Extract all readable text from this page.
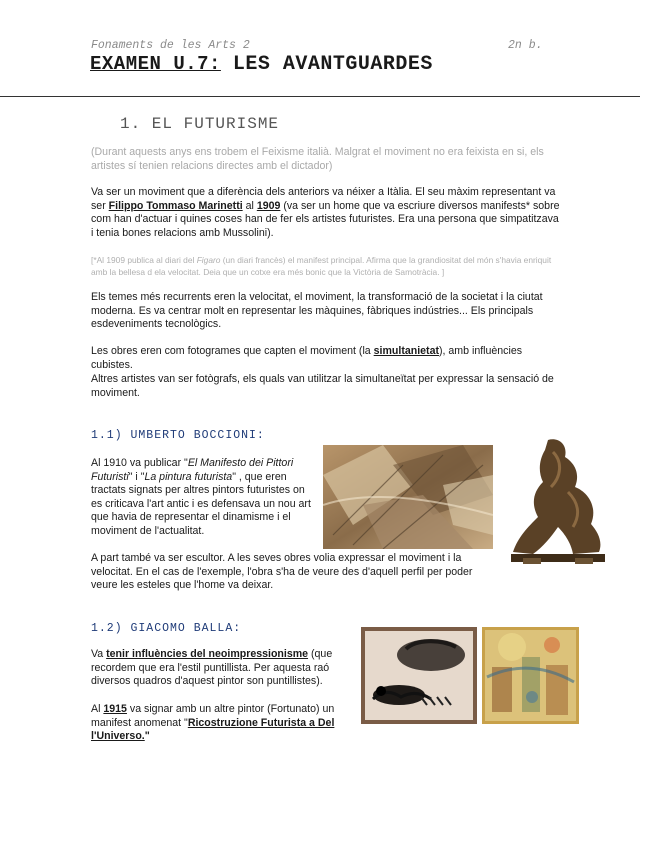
Fonaments de les Arts 2	2n b.
EXAMEN U.7: LES AVANTGUARDES
1. EL FUTURISME
(Durant aquests anys ens trobem el Feixisme italià. Malgrat el moviment no era feixista en si, els artistes sí tenien relacions directes amb el dictador)
Va ser un moviment que a diferència dels anteriors va néixer a Itàlia. El seu màxim representant va ser Filippo Tommaso Marinetti al 1909 (va ser un home que va escriure diversos manifests* sobre com han d'actuar i quines coses han de fer els artistes futuristes. Era una persona que simpatitzava i tenia bones relacions amb Mussolini).
[*Al 1909 publica al diari del Figaro (un diari francès) el manifest principal. Afirma que la grandiositat del món s'havia enriquit amb la bellesa d ela velocitat. Deia que un cotxe era més bonic que la Victòria de Samotràcia. ]
Els temes més recurrents eren la velocitat, el moviment, la transformació de la societat i la ciutat moderna. Es va centrar molt en representar les màquines, fàbriques indústries... Els principals esdeveniments tecnològics.
Les obres eren com fotogrames que capten el moviment (la simultanietat), amb influències cubistes.
Altres artistes van ser fotògrafs, els quals van utilitzar la simultaneïtat per expressar la sensació de moviment.
1.1) UMBERTO BOCCIONI:
Al 1910 va publicar "El Manifesto dei Pittori Futuristi" i "La pintura futurista" , que eren tractats signats per altres pintors futuristes on es criticava l'art antic i es defensava un nou art que havia de representar el dinamisme i el moviment de l'actualitat.
A part també va ser escultor. A les seves obres volia expressar el moviment i la velocitat. En el cas de l'exemple, l'obra s'ha de veure des d'aquell perfil per poder veure les esteles que l'home va deixar.
1.2) GIACOMO BALLA:
Va tenir influències del neoimpressionisme (que recordem que era l'estil puntillista. Per aquesta raó diversos quadros d'aquest pintor son puntillistes).
Al 1915 va signar amb un altre pintor (Fortunato) un manifest anomenat "Ricostruzione Futurista a Del l'Universo."
